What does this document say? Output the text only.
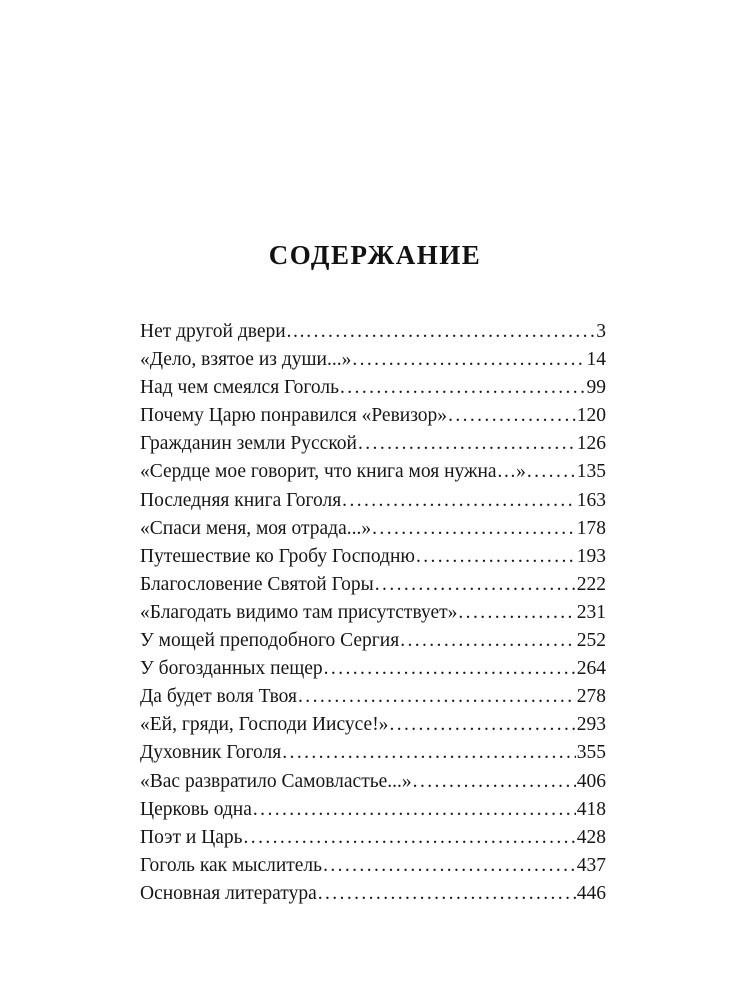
СОДЕРЖАНИЕ
Нет другой двери… .....	3
«Дело, взятое из души...» .....	14
Над чем смеялся Гоголь .....	99
Почему Царю понравился «Ревизор» .....	120
Гражданин земли Русской .....	126
«Сердце мое говорит, что книга моя нужна…» .....	135
Последняя книга Гоголя .....	163
«Спаси меня, моя отрада...» .....	178
Путешествие ко Гробу Господню .....	193
Благословение Святой Горы .....	222
«Благодать видимо там присутствует» .....	231
У мощей преподобного Сергия .....	252
У богозданных пещер .....	264
Да будет воля Твоя .....	278
«Ей, гряди, Господи Иисусе!» .....	293
Духовник Гоголя .....	355
«Вас развратило Самовластье...» .....	406
Церковь одна .....	418
Поэт и Царь .....	428
Гоголь как мыслитель .....	437
Основная литература .....	446
